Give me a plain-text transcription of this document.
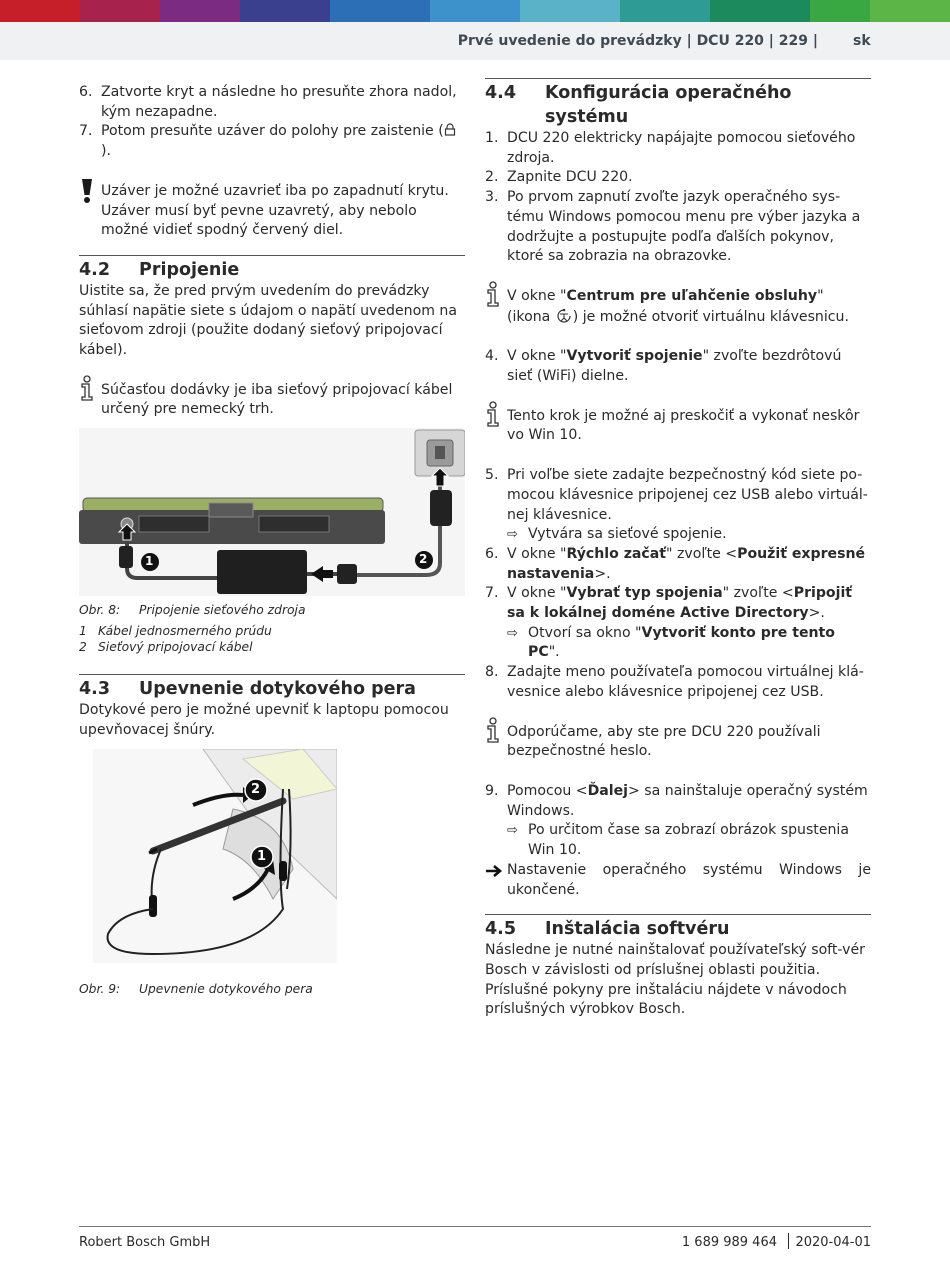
Prvé uvedenie do prevádzky | DCU 220 | 229 |	sk
6. Zatvorte kryt a následne ho presuňte zhora nadol, kým nezapadne.
7. Potom presuňte uzáver do polohy pre zaistenie ().
Uzáver je možné uzavrieť iba po zapadnutí krytu. Uzáver musí byť pevne uzavretý, aby nebolo možné vidieť spodný červený diel.
4.2	Pripojenie

Uistite sa, že pred prvým uvedením do prevádzky súhlasí napätie siete s údajom o napätí uvedenom na sieťovom zdroji (použite dodaný sieťový pripojovací kábel).

Súčasťou dodávky je iba sieťový pripojovací kábel určený pre nemecký trh.
1	2
Obr. 8: Pripojenie sieťového zdroja
1 Kábel jednosmerného prúdu
2 Sieťový pripojovací kábel
4.3	Upevnenie dotykového pera

Dotykové pero je možné upevniť k laptopu pomocou upevňovacej šnúry.

2
1
Obr. 9: Upevnenie dotykového pera
4.4	Konfigurácia operačného systému
1. DCU 220 elektricky napájajte pomocou sieťového zdroja.
2. Zapnite DCU 220.
3. Po prvom zapnutí zvoľte jazyk operačného sys-tému Windows pomocou menu pre výber jazyka a dodržujte a postupujte podľa ďalších pokynov, ktoré sa zobrazia na obrazovke.
V okne "Centrum pre uľahčenie obsluhy" (ikona ) je možné otvoriť virtuálnu klávesnicu.
4. V okne "Vytvoriť spojenie" zvoľte bezdrôtovú sieť (WiFi) dielne.
Tento krok je možné aj preskočiť a vykonať neskôr vo Win 10.
5. Pri voľbe siete zadajte bezpečnostný kód siete po-mocou klávesnice pripojenej cez USB alebo virtuál-nej klávesnice.
⇨ Vytvára sa sieťové spojenie.
6. V okne "Rýchlo začať" zvoľte <Použiť expresné nastavenia>.
7. V okne "Vybrať typ spojenia" zvoľte <Pripojiť sa k lokálnej doméne Active Directory>.
⇨ Otvorí sa okno "Vytvoriť konto pre tento PC".
8. Zadajte meno používateľa pomocou virtuálnej klá-vesnice alebo klávesnice pripojenej cez USB.
Odporúčame, aby ste pre DCU 220 používali bezpečnostné heslo.
9. Pomocou <Ďalej> sa nainštaluje operačný systém Windows.
⇨ Po určitom čase sa zobrazí obrázok spustenia Win 10.
Nastavenie operačného systému Windows je ukončené.
4.5	Inštalácia softvéru

Následne je nutné nainštalovať používateľský soft-vér Bosch v závislosti od príslušnej oblasti použitia. Príslušné pokyny pre inštaláciu nájdete v návodoch príslušných výrobkov Bosch.

Robert Bosch GmbH	1 689 989 464 2020-04-01
